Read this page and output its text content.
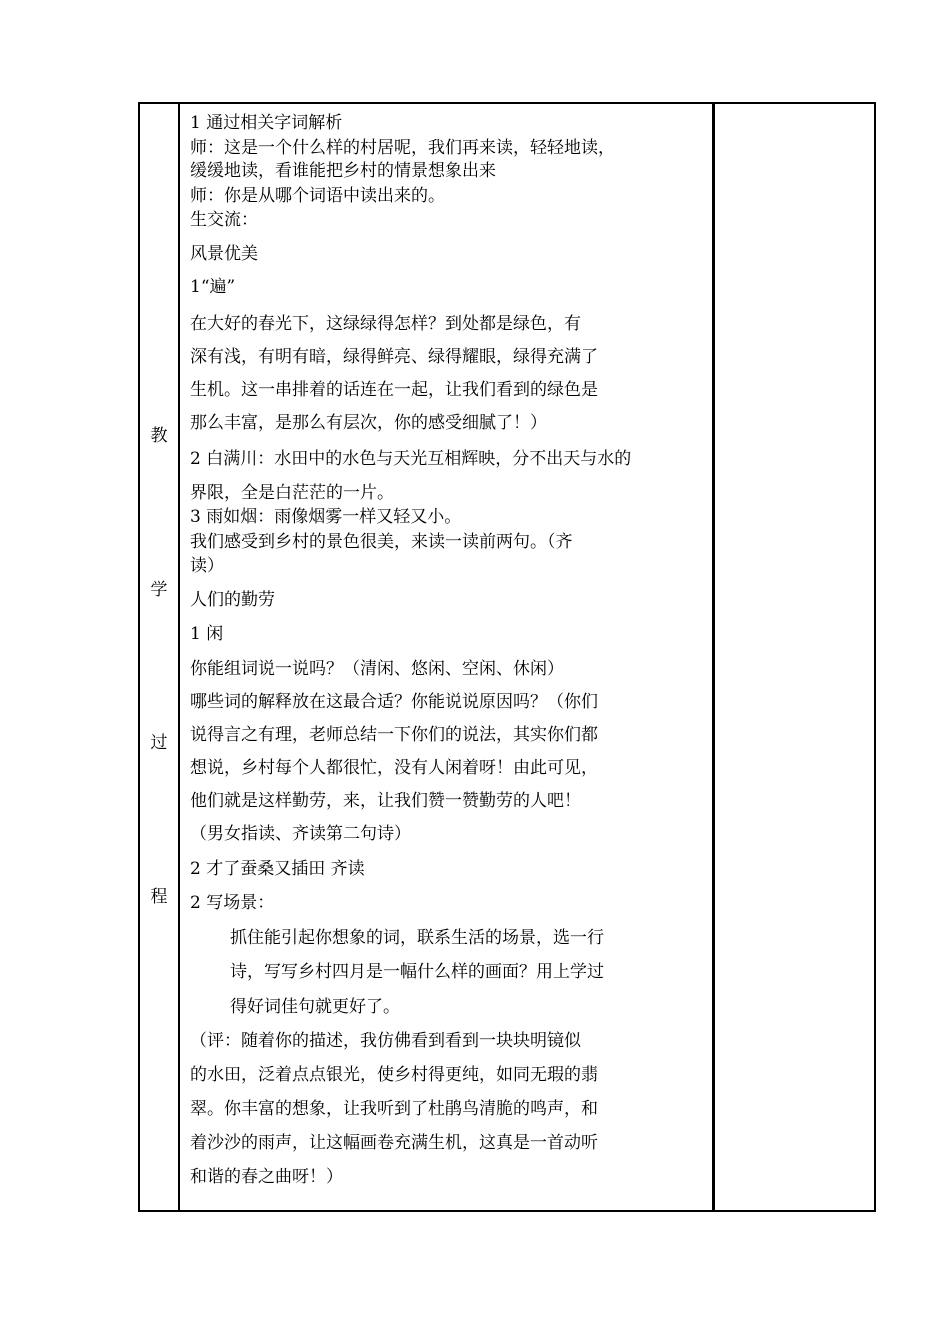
教
学
过
程
1 通过相关字词解析
师：这是一个什么样的村居呢，我们再来读，轻轻地读，
缓缓地读，看谁能把乡村的情景想象出来
师：你是从哪个词语中读出来的。
生交流：
风景优美
1“遍”
在大好的春光下，这绿绿得怎样？到处都是绿色，有
深有浅，有明有暗，绿得鲜亮、绿得耀眼，绿得充满了
生机。这一串排着的话连在一起，让我们看到的绿色是
那么丰富，是那么有层次，你的感受细腻了！）
2 白满川：水田中的水色与天光互相辉映，分不出天与水的
界限，全是白茫茫的一片。
3 雨如烟：雨像烟雾一样又轻又小。
我们感受到乡村的景色很美，来读一读前两句。（齐
读）
人们的勤劳
1 闲
你能组词说一说吗？（清闲、悠闲、空闲、休闲）
哪些词的解释放在这最合适？你能说说原因吗？（你们
说得言之有理，老师总结一下你们的说法，其实你们都
想说，乡村每个人都很忙，没有人闲着呀！由此可见，
他们就是这样勤劳，来，让我们赞一赞勤劳的人吧！
（男女指读、齐读第二句诗）
2 才了蚕桑又插田 齐读
2 写场景：
抓住能引起你想象的词，联系生活的场景，选一行
诗，写写乡村四月是一幅什么样的画面？用上学过
得好词佳句就更好了。
（评：随着你的描述，我仿佛看到看到一块块明镜似
的水田，泛着点点银光，使乡村得更纯，如同无瑕的翡
翠。你丰富的想象，让我听到了杜鹃鸟清脆的鸣声，和
着沙沙的雨声，让这幅画卷充满生机，这真是一首动听
和谐的春之曲呀！）
